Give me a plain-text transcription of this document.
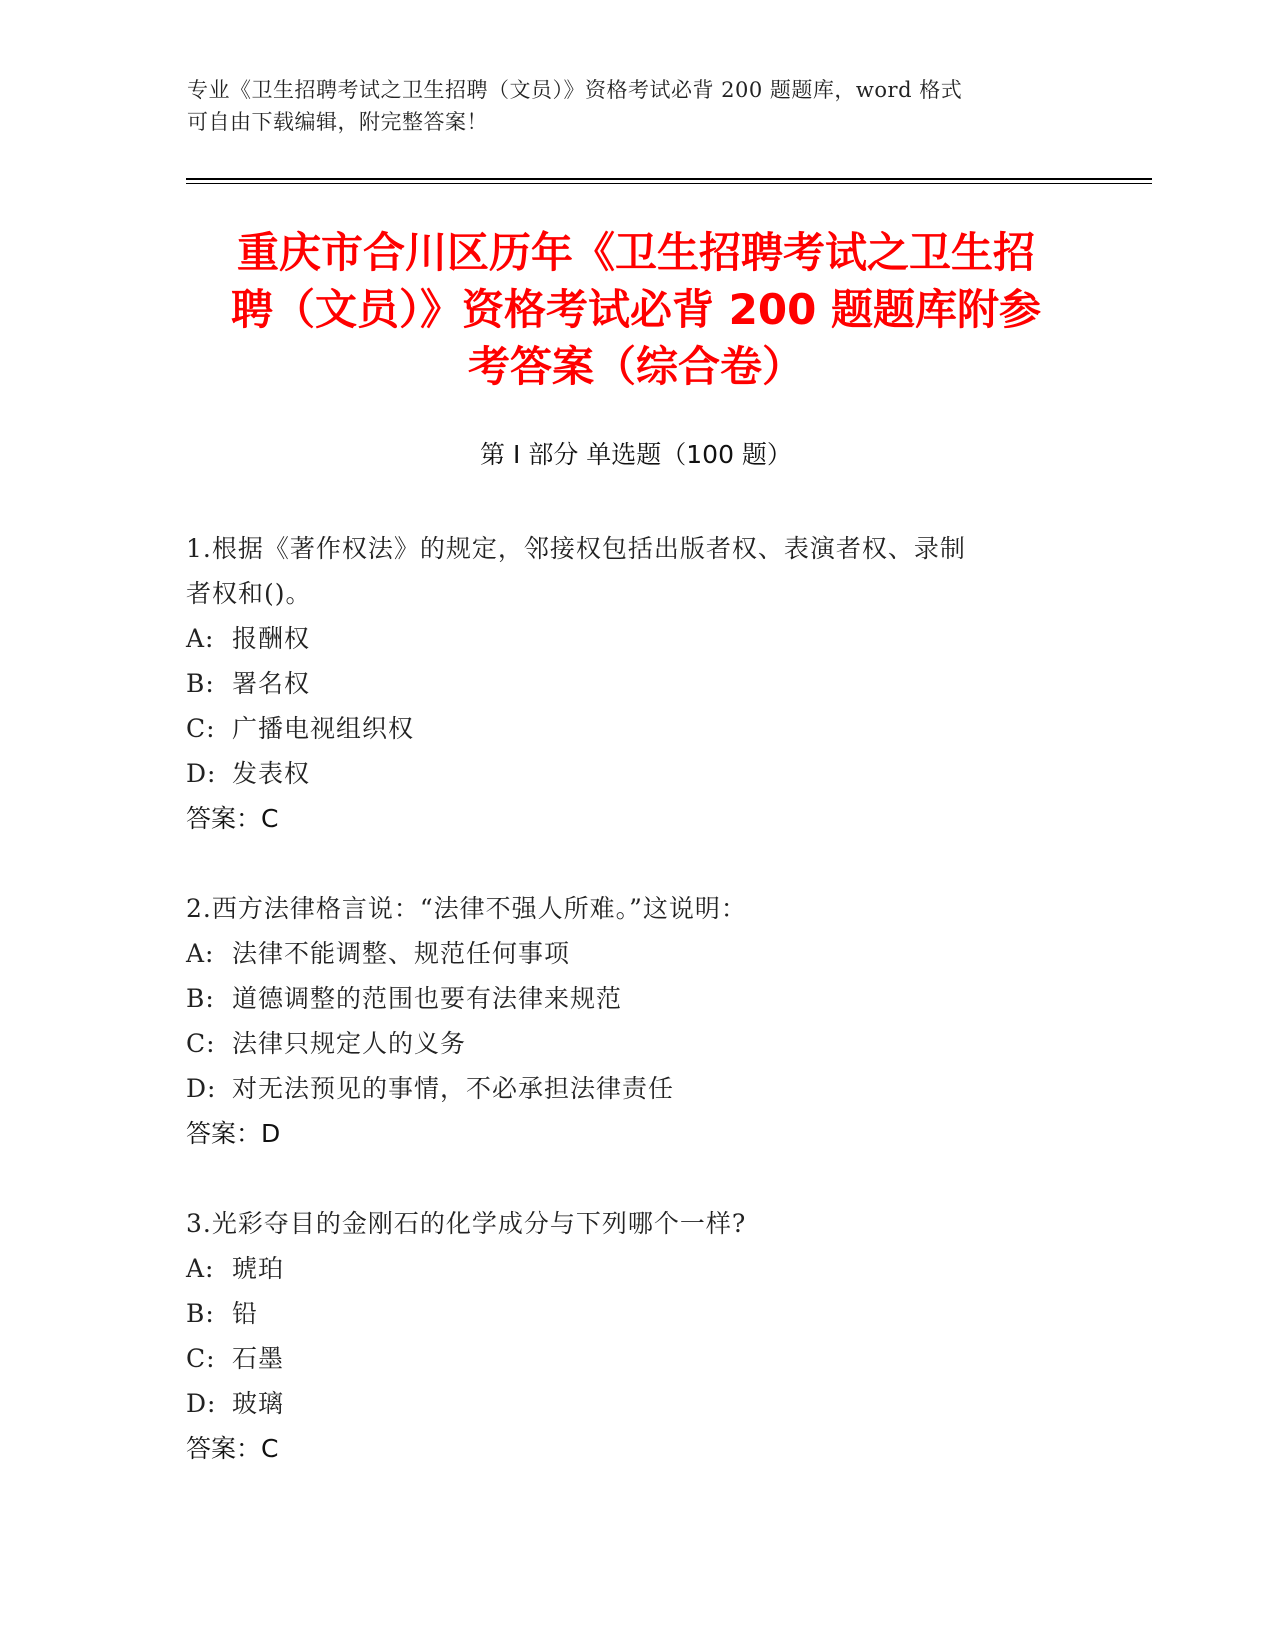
专业《卫生招聘考试之卫生招聘（文员）》资格考试必背 200 题题库，word 格式
可自由下载编辑，附完整答案！
重庆市合川区历年《卫生招聘考试之卫生招
聘（文员）》资格考试必背 200 题题库附参
考答案（综合卷）
第 I 部分 单选题（100 题）
1.根据《著作权法》的规定，邻接权包括出版者权、表演者权、录制
者权和()。
A: 报酬权
B: 署名权
C: 广播电视组织权
D: 发表权
答案：C
2.西方法律格言说：“法律不强人所难。”这说明：
A: 法律不能调整、规范任何事项
B: 道德调整的范围也要有法律来规范
C: 法律只规定人的义务
D: 对无法预见的事情，不必承担法律责任
答案：D
3.光彩夺目的金刚石的化学成分与下列哪个一样?
A: 琥珀
B: 铅
C: 石墨
D: 玻璃
答案：C
